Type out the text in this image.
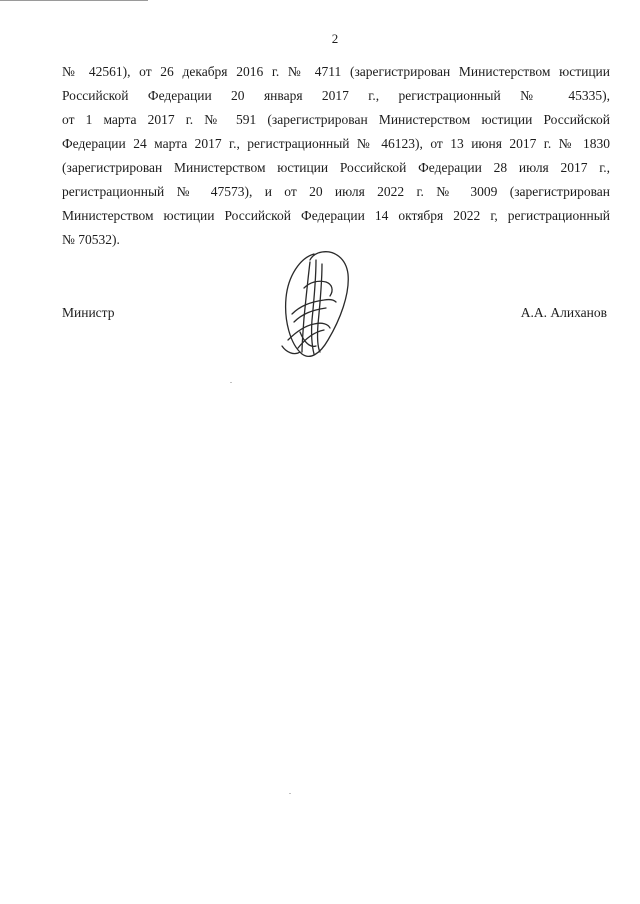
2
№ 42561), от 26 декабря 2016 г. № 4711 (зарегистрирован Министерством юстиции
Российской Федерации 20 января 2017 г., регистрационный № 45335),
от 1 марта 2017 г. № 591 (зарегистрирован Министерством юстиции Российской
Федерации 24 марта 2017 г., регистрационный № 46123), от 13 июня 2017 г. № 1830
(зарегистрирован Министерством юстиции Российской Федерации 28 июля 2017 г.,
регистрационный № 47573), и от 20 июля 2022 г. № 3009 (зарегистрирован
Министерством юстиции Российской Федерации 14 октября 2022 г, регистрационный
№ 70532).
Министр	А.А. Алиханов
